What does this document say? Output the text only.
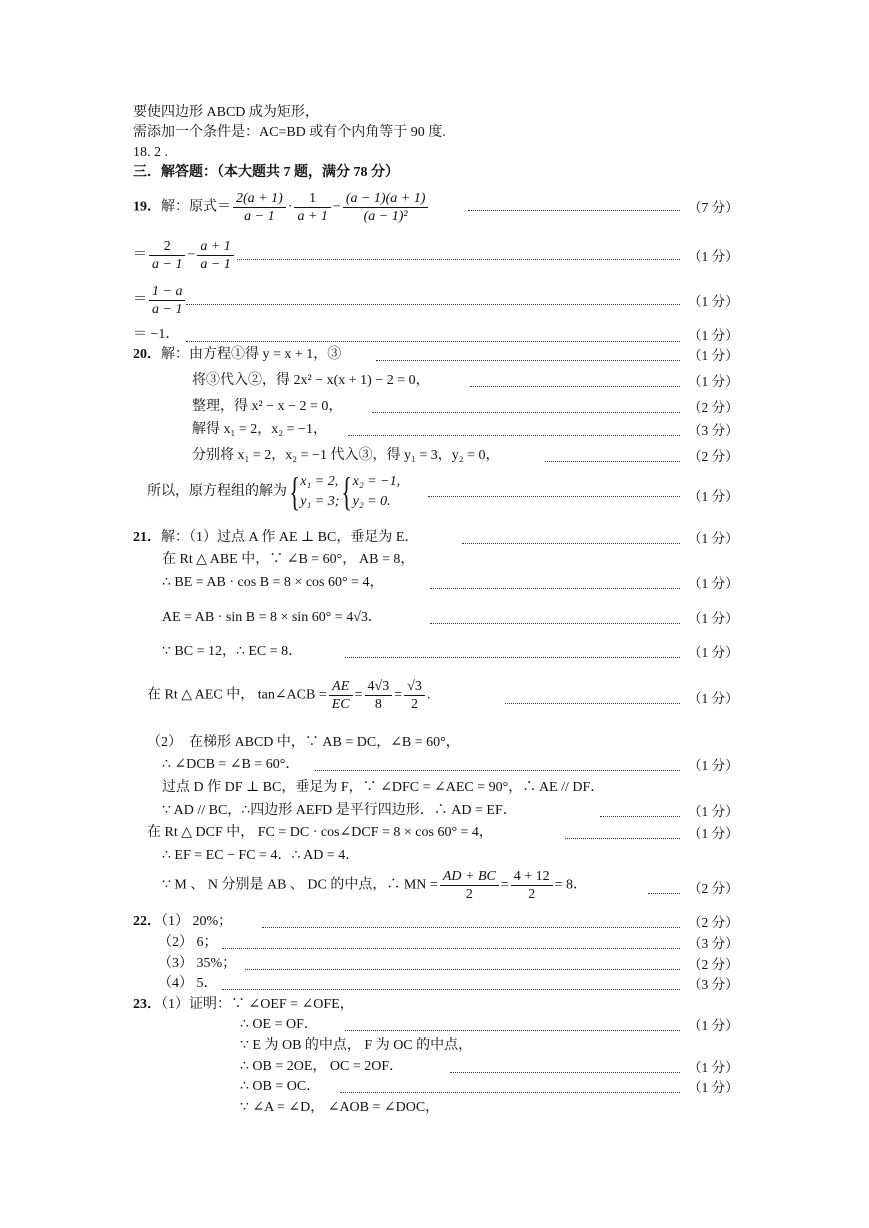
要使四边形 ABCD 成为矩形，
需添加一个条件是：AC=BD 或有个内角等于 90 度.
18. 2 .
三．解答题：（本大题共 7 题，满分 78 分）
19．解：原式＝ $\frac{2(a + 1)}{a - 1} \cdot \frac{1}{a + 1} - \frac{(a - 1)(a + 1)}{\text{(a − 1)²}}$	（7 分）
＝ $\frac{2}{a - 1} - \frac{a + 1}{a - 1}$	（1 分）
＝ $\frac{1 - a}{a - 1}$	（1 分）
＝ −1．	（1 分）
20．解：由方程①得 y = x + 1，③	（1 分）
将③代入②，得 2x² − x(x + 1) − 2 = 0，	（1 分）
整理，得 x² − x − 2 = 0，	（2 分）
解得 x₁ = 2，x₂ = −1，	（3 分）
分别将 x₁ = 2，x₂ = −1 代入③，得 y₁ = 3，y₂ = 0，	（2 分）
所以，原方程组的解为{ x₁ = 2,
y₁ = 3; { x₂ = −1,
y₂ = 0.	（1 分）
21．解：（1）过点 A 作 AE ⊥ BC，垂足为 E．	（1 分）
在 Rt △ ABE 中，∵ ∠B = 60°， AB = 8，
∴ BE = AB · cos B = 8 × cos 60° = 4，	（1 分）
AE = AB · sin B = 8 × sin 60° = 4√3．	（1 分）
∵ BC = 12，∴ EC = 8．	（1 分）
在 Rt △ AEC 中， tan∠ACB = $\frac{AE}{EC} = \frac{4√3}{8} = \frac{√3}{2}$ .	（1 分）
（2）　在梯形 ABCD 中，∵ AB = DC，∠B = 60°，
∴ ∠DCB = ∠B = 60°．	（1 分）
过点 D 作 DF ⊥ BC，垂足为 F，∵ ∠DFC = ∠AEC = 90°，∴ AE // DF．
∵ AD // BC，∴四边形 AEFD 是平行四边形．∴ AD = EF．	（1 分）
在 Rt △ DCF 中， FC = DC · cos∠DCF = 8 × cos 60° = 4，	（1 分）
∴ EF = EC − FC = 4．∴ AD = 4．
∵ M 、 N 分别是 AB 、 DC 的中点，∴ MN = $\frac{AD + BC}{2} = \frac{4 + 12}{2} = 8$．	（2 分）
22．（1） 20%；	（2 分）
（2） 6；	（3 分）
（3） 35%；	（2 分）
（4） 5．	（3 分）
23．（1）证明：∵ ∠OEF = ∠OFE，
∴ OE = OF．	（1 分）
∵ E 为 OB 的中点， F 为 OC 的中点，
∴ OB = 2OE， OC = 2OF．	（1 分）
∴ OB = OC．	（1 分）
∵ ∠A = ∠D， ∠AOB = ∠DOC，
